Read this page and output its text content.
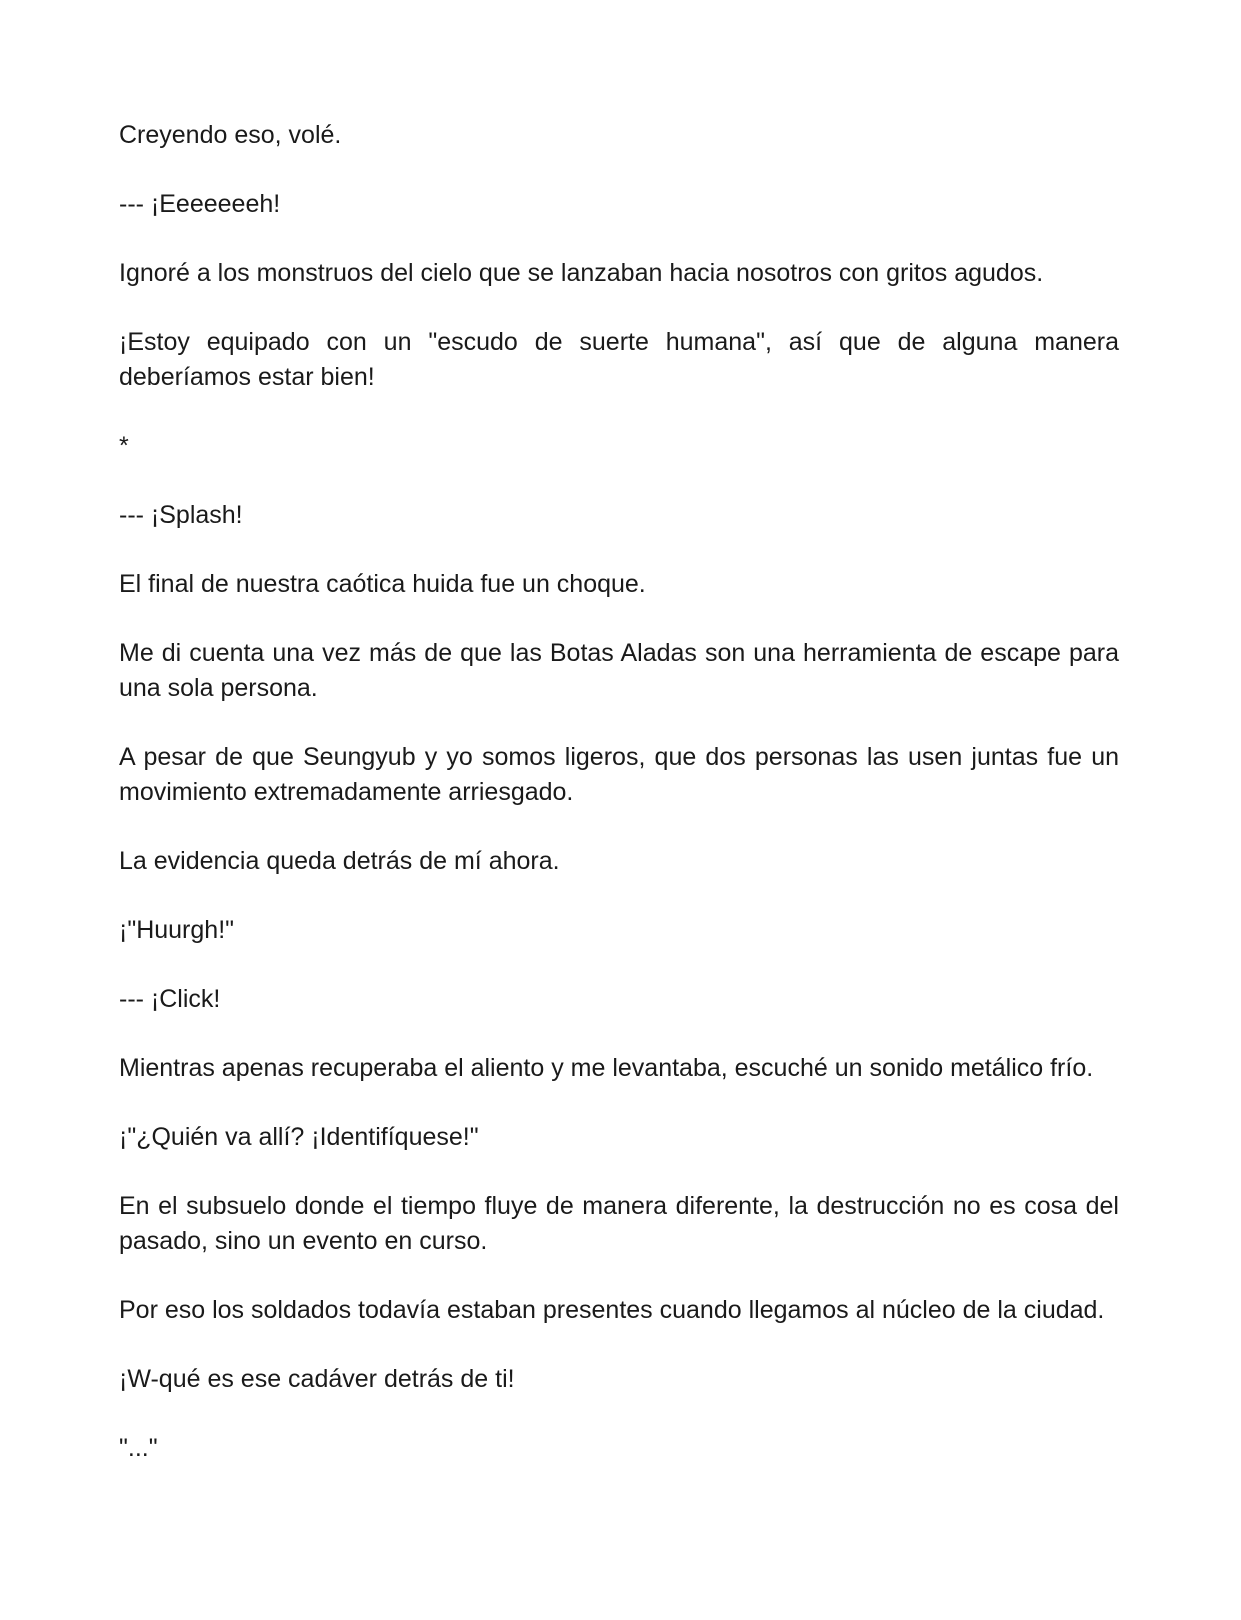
Creyendo eso, volé.

--- ¡Eeeeeeeh!

Ignoré a los monstruos del cielo que se lanzaban hacia nosotros con gritos agudos.

¡Estoy equipado con un "escudo de suerte humana", así que de alguna manera deberíamos estar bien!

*

--- ¡Splash!

El final de nuestra caótica huida fue un choque.

Me di cuenta una vez más de que las Botas Aladas son una herramienta de escape para una sola persona.

A pesar de que Seungyub y yo somos ligeros, que dos personas las usen juntas fue un movimiento extremadamente arriesgado.

La evidencia queda detrás de mí ahora.

¡"Huurgh!"

--- ¡Click!

Mientras apenas recuperaba el aliento y me levantaba, escuché un sonido metálico frío.

¡"¿Quién va allí? ¡Identifíquese!"

En el subsuelo donde el tiempo fluye de manera diferente, la destrucción no es cosa del pasado, sino un evento en curso.

Por eso los soldados todavía estaban presentes cuando llegamos al núcleo de la ciudad.

¡W-qué es ese cadáver detrás de ti!

"..."
